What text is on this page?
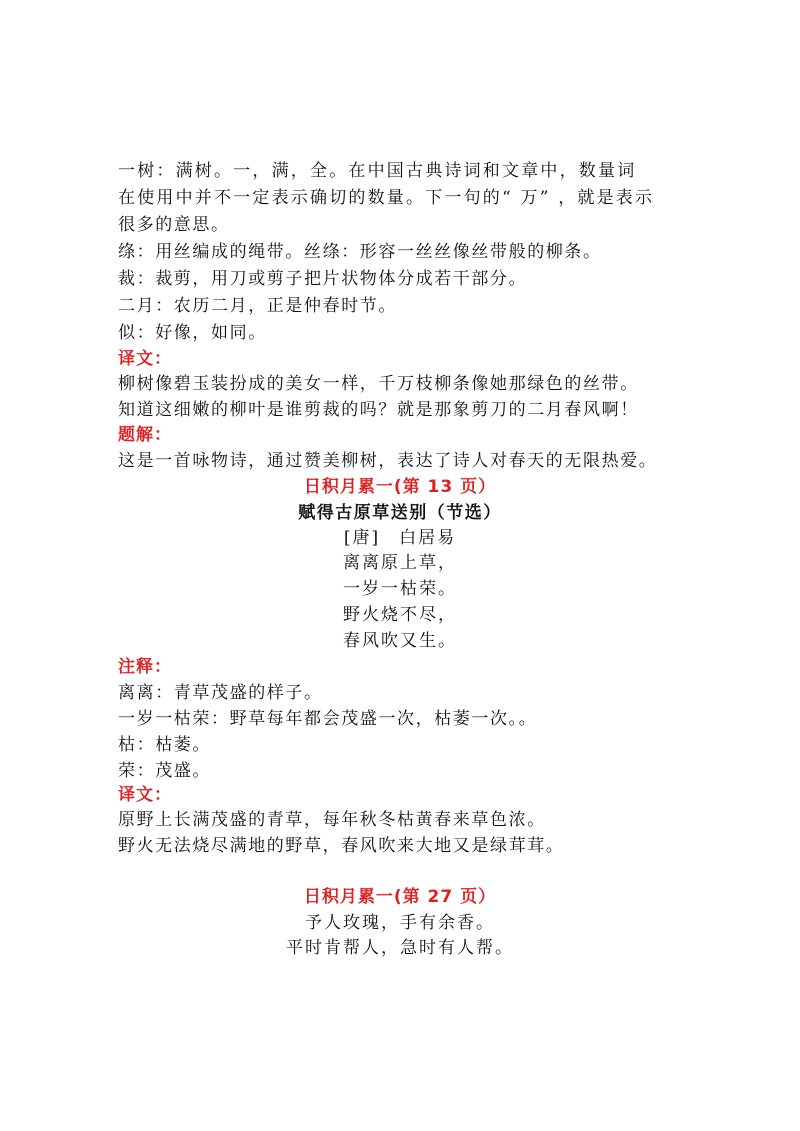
一树：满树。一，满，全。在中国古典诗词和文章中，数量词
在使用中并不一定表示确切的数量。下一句的“ 万” ，就是表示
很多的意思。
绦：用丝编成的绳带。丝绦：形容一丝丝像丝带般的柳条。
裁：裁剪，用刀或剪子把片状物体分成若干部分。
二月：农历二月，正是仲春时节。
似：好像，如同。
译文：
柳树像碧玉装扮成的美女一样，千万枝柳条像她那绿色的丝带。
知道这细嫩的柳叶是谁剪裁的吗？就是那象剪刀的二月春风啊！
题解：
这是一首咏物诗，通过赞美柳树，表达了诗人对春天的无限热爱。
日积月累一(第 13 页）
赋得古原草送别（节选）
[唐]　白居易
离离原上草，
一岁一枯荣。
野火烧不尽，
春风吹又生。
注释：
离离：青草茂盛的样子。
一岁一枯荣：野草每年都会茂盛一次，枯萎一次。。
枯：枯萎。
荣：茂盛。
译文：
原野上长满茂盛的青草，每年秋冬枯黄春来草色浓。
野火无法烧尽满地的野草，春风吹来大地又是绿茸茸。
日积月累一(第 27 页）
予人玫瑰，手有余香。
平时肯帮人，急时有人帮。
